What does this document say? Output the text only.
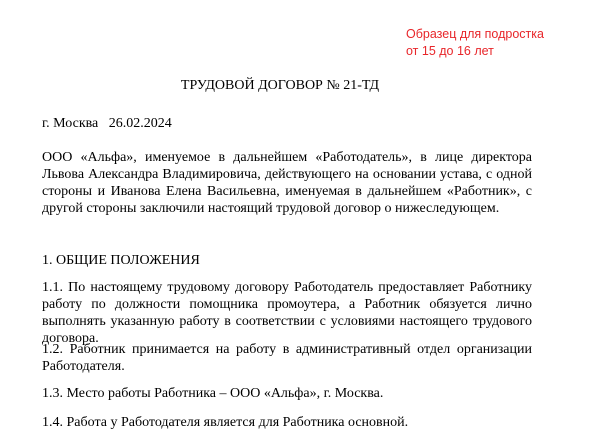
Образец для подростка
от 15 до 16 лет
ТРУДОВОЙ ДОГОВОР № 21-ТД
г. Москва   26.02.2024
ООО «Альфа», именуемое в дальнейшем «Работодатель», в лице директора Львова Александра Владимировича, действующего на основании устава, с одной стороны и Иванова Елена Васильевна, именуемая в дальнейшем «Работник», с другой стороны заключили настоящий трудовой договор о нижеследующем.
1. ОБЩИЕ ПОЛОЖЕНИЯ
1.1. По настоящему трудовому договору Работодатель предоставляет Работнику работу по должности помощника промоутера, а Работник обязуется лично выполнять указанную работу в соответствии с условиями настоящего трудового договора.
1.2. Работник принимается на работу в административный отдел организации Работодателя.
1.3. Место работы Работника – ООО «Альфа», г. Москва.
1.4. Работа у Работодателя является для Работника основной.
